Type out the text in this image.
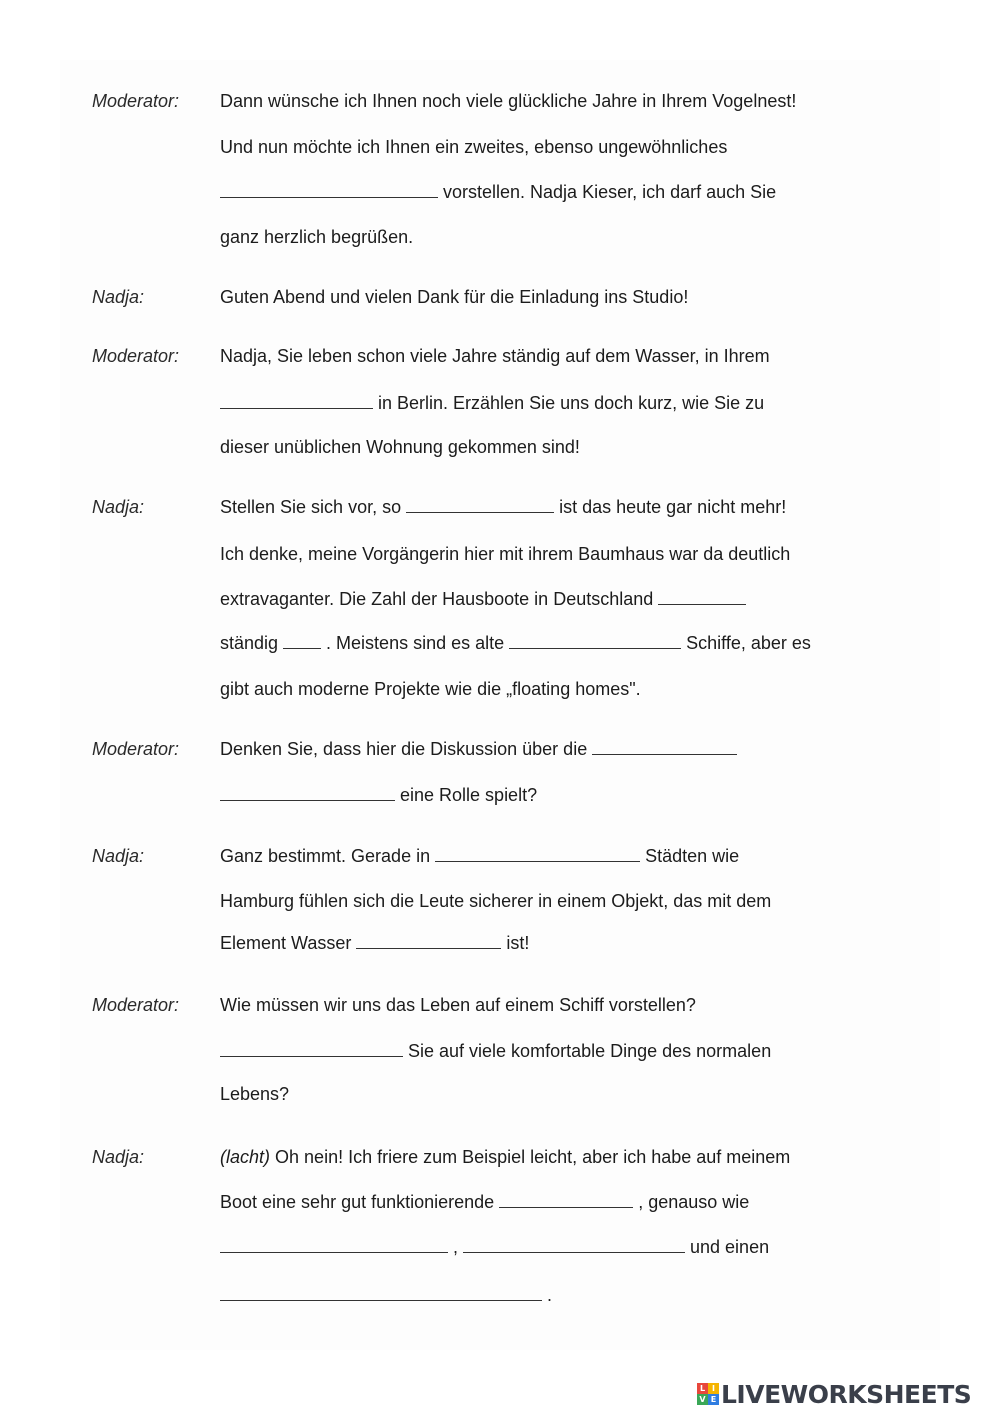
Moderator: Dann wünsche ich Ihnen noch viele glückliche Jahre in Ihrem Vogelnest!
Und nun möchte ich Ihnen ein zweites, ebenso ungewöhnliches
vorstellen. Nadja Kieser, ich darf auch Sie
ganz herzlich begrüßen.
Nadja:	Guten Abend und vielen Dank für die Einladung ins Studio!
Moderator: Nadja, Sie leben schon viele Jahre ständig auf dem Wasser, in Ihrem
in Berlin. Erzählen Sie uns doch kurz, wie Sie zu
dieser unüblichen Wohnung gekommen sind!
Nadja:	Stellen Sie sich vor, so	ist das heute gar nicht mehr!
Ich denke, meine Vorgängerin hier mit ihrem Baumhaus war da deutlich
extravaganter. Die Zahl der Hausboote in Deutschland
ständig	. Meistens sind es alte	Schiffe, aber es
gibt auch moderne Projekte wie die „floating homes".
Moderator: Denken Sie, dass hier die Diskussion über die
eine Rolle spielt?
Nadja:	Ganz bestimmt. Gerade in	Städten wie
Hamburg fühlen sich die Leute sicherer in einem Objekt, das mit dem
Element Wasser	ist!
Moderator: Wie müssen wir uns das Leben auf einem Schiff vorstellen?
Sie auf viele komfortable Dinge des normalen
Lebens?
Nadja:	(lacht) Oh nein! Ich friere zum Beispiel leicht, aber ich habe auf meinem
Boot eine sehr gut funktionierende	, genauso wie
,	und einen
.
L I
V E LIVEWORKSHEETS
